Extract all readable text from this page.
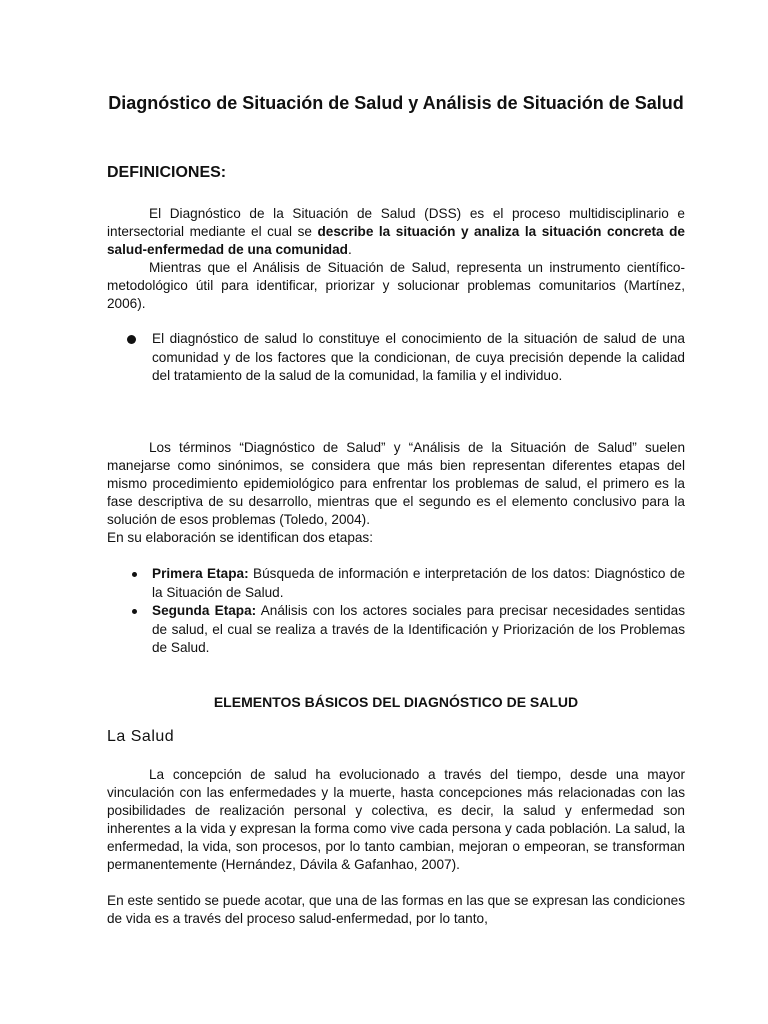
Diagnóstico de Situación de Salud y Análisis de Situación de Salud
DEFINICIONES:
El Diagnóstico de la Situación de Salud (DSS) es el proceso multidisciplinario e intersectorial mediante el cual se describe la situación y analiza la situación concreta de salud-enfermedad de una comunidad.
Mientras que el Análisis de Situación de Salud, representa un instrumento científico-metodológico útil para identificar, priorizar y solucionar problemas comunitarios (Martínez, 2006).
El diagnóstico de salud lo constituye el conocimiento de la situación de salud de una comunidad y de los factores que la condicionan, de cuya precisión depende la calidad del tratamiento de la salud de la comunidad, la familia y el individuo.
Los términos “Diagnóstico de Salud” y “Análisis de la Situación de Salud” suelen manejarse como sinónimos, se considera que más bien representan diferentes etapas del mismo procedimiento epidemiológico para enfrentar los problemas de salud, el primero es la fase descriptiva de su desarrollo, mientras que el segundo es el elemento conclusivo para la solución de esos problemas (Toledo, 2004).
En su elaboración se identifican dos etapas:
Primera Etapa: Búsqueda de información e interpretación de los datos: Diagnóstico de la Situación de Salud.
Segunda Etapa: Análisis con los actores sociales para precisar necesidades sentidas de salud, el cual se realiza a través de la Identificación y Priorización de los Problemas de Salud.
ELEMENTOS BÁSICOS DEL DIAGNÓSTICO DE SALUD
La Salud
La concepción de salud ha evolucionado a través del tiempo, desde una mayor vinculación con las enfermedades y la muerte, hasta concepciones más relacionadas con las posibilidades de realización personal y colectiva, es decir, la salud y enfermedad son inherentes a la vida y expresan la forma como vive cada persona y cada población. La salud, la enfermedad, la vida, son procesos, por lo tanto cambian, mejoran o empeoran, se transforman permanentemente (Hernández, Dávila & Gafanhao, 2007).
En este sentido se puede acotar, que una de las formas en las que se expresan las condiciones de vida es a través del proceso salud-enfermedad, por lo tanto,
